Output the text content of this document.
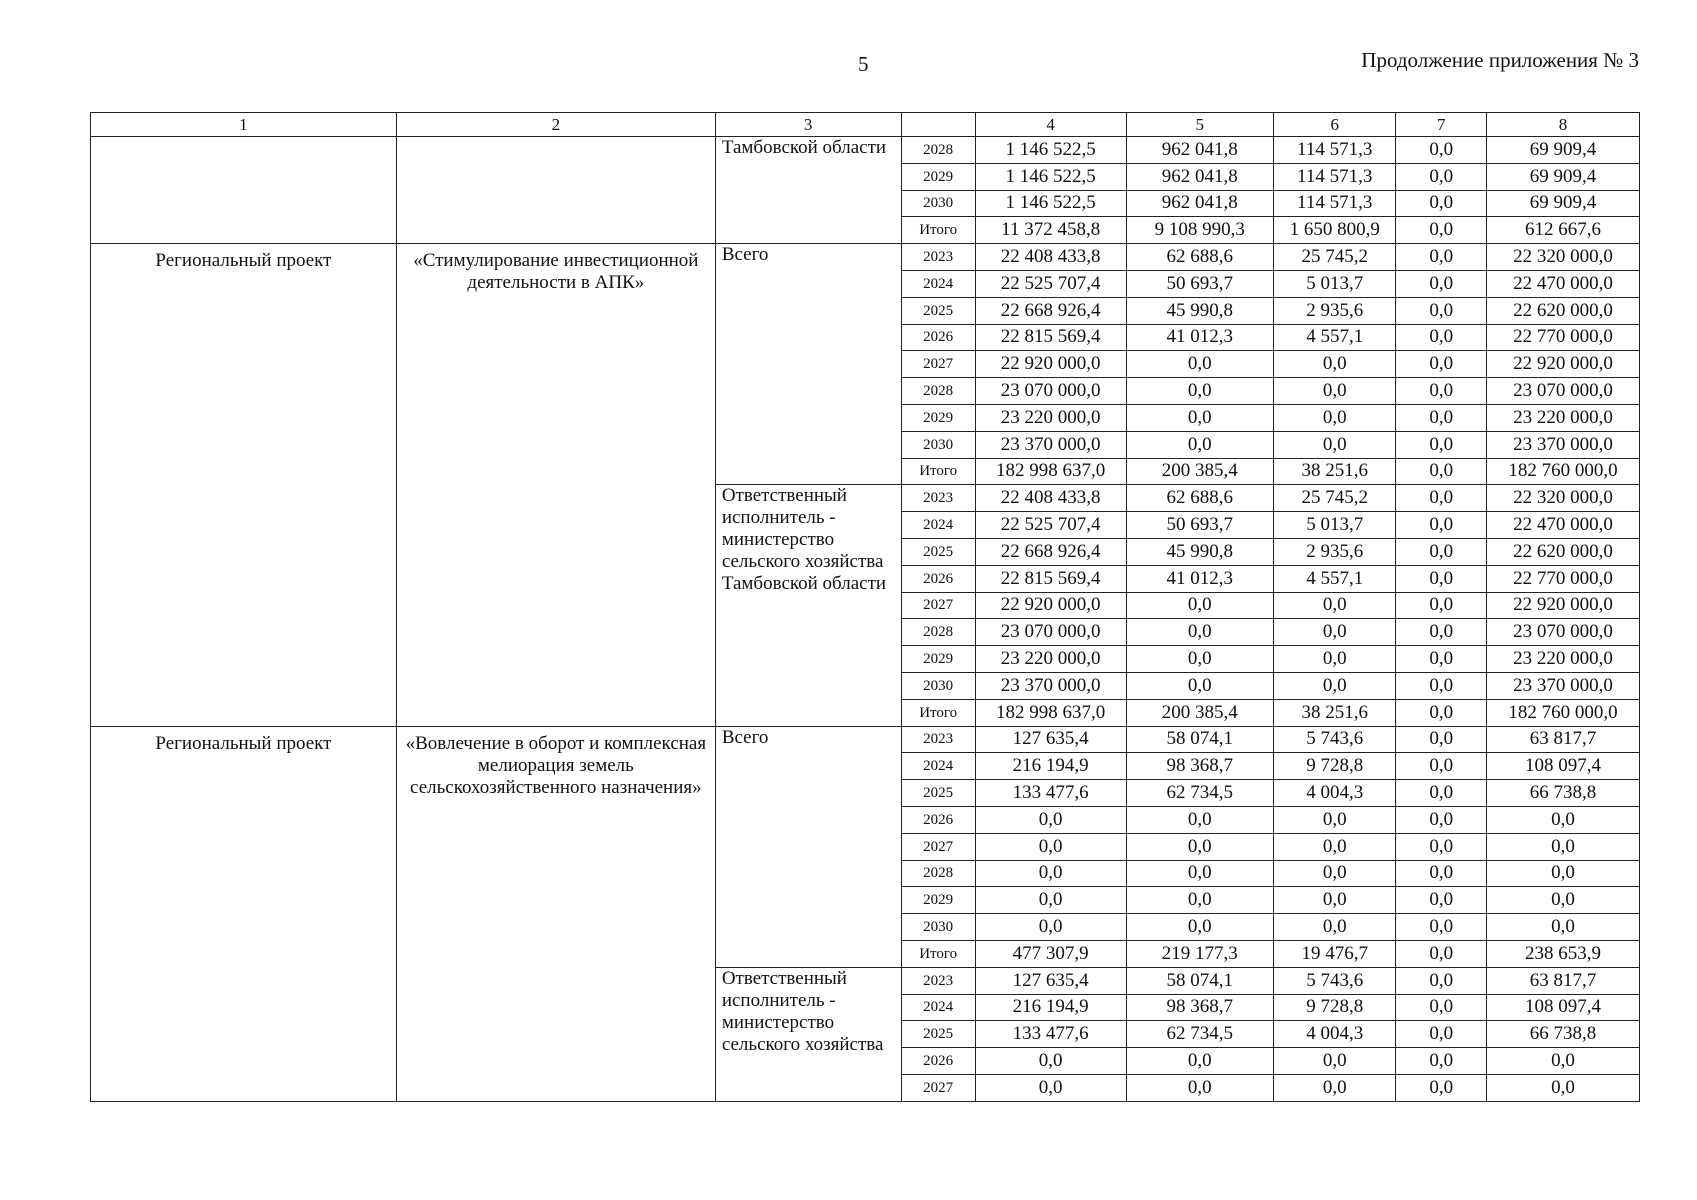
5	Продолжение приложения № 3
1	2	3		4	5	6	7	8
		Тамбовской области	2028	1 146 522,5	962 041,8	114 571,3	0,0	69 909,4
			2029	1 146 522,5	962 041,8	114 571,3	0,0	69 909,4
			2030	1 146 522,5	962 041,8	114 571,3	0,0	69 909,4
			Итого	11 372 458,8	9 108 990,3	1 650 800,9	0,0	612 667,6
Региональный проект	«Стимулирование инвестиционной деятельности в АПК»	Всего	2023	22 408 433,8	62 688,6	25 745,2	0,0	22 320 000,0
			2024	22 525 707,4	50 693,7	5 013,7	0,0	22 470 000,0
			2025	22 668 926,4	45 990,8	2 935,6	0,0	22 620 000,0
			2026	22 815 569,4	41 012,3	4 557,1	0,0	22 770 000,0
			2027	22 920 000,0	0,0	0,0	0,0	22 920 000,0
			2028	23 070 000,0	0,0	0,0	0,0	23 070 000,0
			2029	23 220 000,0	0,0	0,0	0,0	23 220 000,0
			2030	23 370 000,0	0,0	0,0	0,0	23 370 000,0
			Итого	182 998 637,0	200 385,4	38 251,6	0,0	182 760 000,0
		Ответственный исполнитель - министерство сельского хозяйства Тамбовской области	2023	22 408 433,8	62 688,6	25 745,2	0,0	22 320 000,0
			2024	22 525 707,4	50 693,7	5 013,7	0,0	22 470 000,0
			2025	22 668 926,4	45 990,8	2 935,6	0,0	22 620 000,0
			2026	22 815 569,4	41 012,3	4 557,1	0,0	22 770 000,0
			2027	22 920 000,0	0,0	0,0	0,0	22 920 000,0
			2028	23 070 000,0	0,0	0,0	0,0	23 070 000,0
			2029	23 220 000,0	0,0	0,0	0,0	23 220 000,0
			2030	23 370 000,0	0,0	0,0	0,0	23 370 000,0
			Итого	182 998 637,0	200 385,4	38 251,6	0,0	182 760 000,0
Региональный проект	«Вовлечение в оборот и комплексная мелиорация земель сельскохозяйственного назначения»	Всего	2023	127 635,4	58 074,1	5 743,6	0,0	63 817,7
			2024	216 194,9	98 368,7	9 728,8	0,0	108 097,4
			2025	133 477,6	62 734,5	4 004,3	0,0	66 738,8
			2026	0,0	0,0	0,0	0,0	0,0
			2027	0,0	0,0	0,0	0,0	0,0
			2028	0,0	0,0	0,0	0,0	0,0
			2029	0,0	0,0	0,0	0,0	0,0
			2030	0,0	0,0	0,0	0,0	0,0
			Итого	477 307,9	219 177,3	19 476,7	0,0	238 653,9
		Ответственный исполнитель - министерство сельского хозяйства	2023	127 635,4	58 074,1	5 743,6	0,0	63 817,7
			2024	216 194,9	98 368,7	9 728,8	0,0	108 097,4
			2025	133 477,6	62 734,5	4 004,3	0,0	66 738,8
			2026	0,0	0,0	0,0	0,0	0,0
			2027	0,0	0,0	0,0	0,0	0,0
